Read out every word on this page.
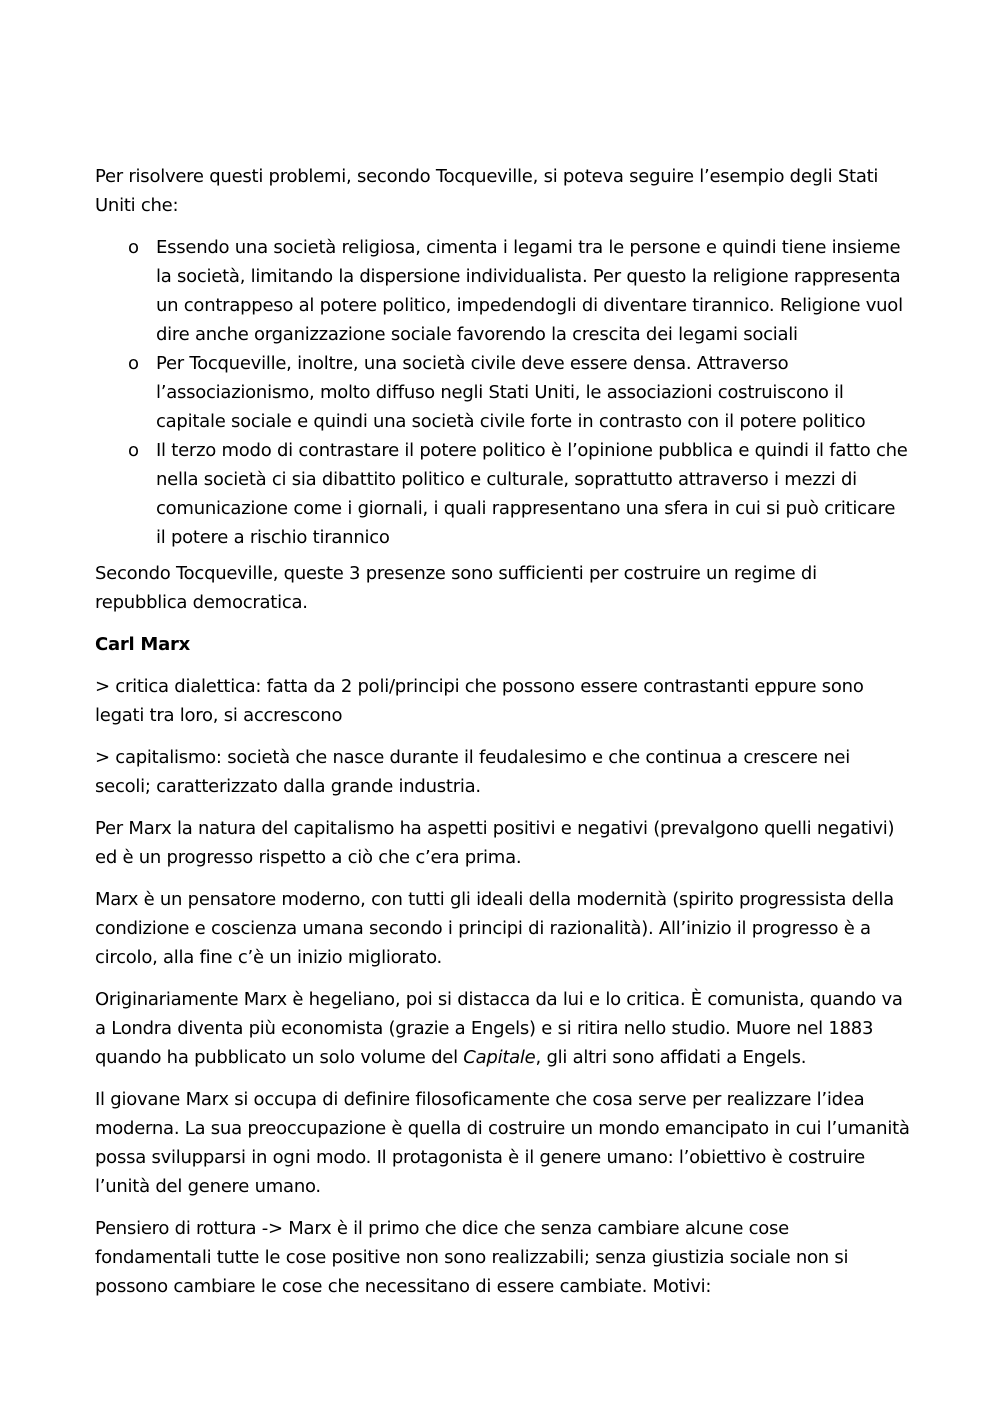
Per risolvere questi problemi, secondo Tocqueville, si poteva seguire l’esempio degli Stati Uniti che:

o Essendo una società religiosa, cimenta i legami tra le persone e quindi tiene insieme la società, limitando la dispersione individualista. Per questo la religione rappresenta un contrappeso al potere politico, impedendogli di diventare tirannico. Religione vuol dire anche organizzazione sociale favorendo la crescita dei legami sociali
o Per Tocqueville, inoltre, una società civile deve essere densa. Attraverso l’associazionismo, molto diffuso negli Stati Uniti, le associazioni costruiscono il capitale sociale e quindi una società civile forte in contrasto con il potere politico
o Il terzo modo di contrastare il potere politico è l’opinione pubblica e quindi il fatto che nella società ci sia dibattito politico e culturale, soprattutto attraverso i mezzi di comunicazione come i giornali, i quali rappresentano una sfera in cui si può criticare il potere a rischio tirannico

Secondo Tocqueville, queste 3 presenze sono sufficienti per costruire un regime di repubblica democratica.

Carl Marx

> critica dialettica: fatta da 2 poli/principi che possono essere contrastanti eppure sono legati tra loro, si accrescono

> capitalismo: società che nasce durante il feudalesimo e che continua a crescere nei secoli; caratterizzato dalla grande industria.

Per Marx la natura del capitalismo ha aspetti positivi e negativi (prevalgono quelli negativi) ed è un progresso rispetto a ciò che c’era prima.

Marx è un pensatore moderno, con tutti gli ideali della modernità (spirito progressista della condizione e coscienza umana secondo i principi di razionalità). All’inizio il progresso è a circolo, alla fine c’è un inizio migliorato.

Originariamente Marx è hegeliano, poi si distacca da lui e lo critica. È comunista, quando va a Londra diventa più economista (grazie a Engels) e si ritira nello studio. Muore nel 1883 quando ha pubblicato un solo volume del Capitale, gli altri sono affidati a Engels.

Il giovane Marx si occupa di definire filosoficamente che cosa serve per realizzare l’idea moderna. La sua preoccupazione è quella di costruire un mondo emancipato in cui l’umanità possa svilupparsi in ogni modo. Il protagonista è il genere umano: l’obiettivo è costruire l’unità del genere umano.

Pensiero di rottura -> Marx è il primo che dice che senza cambiare alcune cose fondamentali tutte le cose positive non sono realizzabili; senza giustizia sociale non si possono cambiare le cose che necessitano di essere cambiate. Motivi:
